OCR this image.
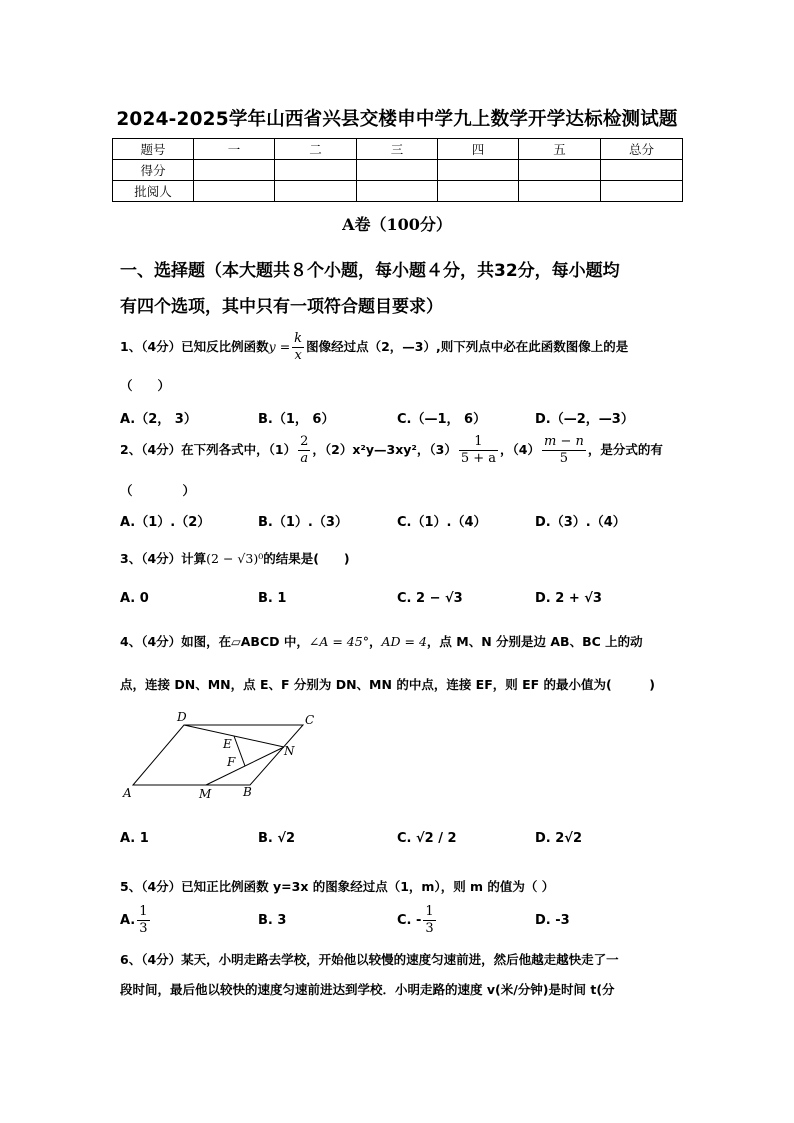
2024-2025学年山西省兴县交楼申中学九上数学开学达标检测试题
题号	一	二	三	四	五	总分
得分						
批阅人						
A卷（100分）
一、选择题（本大题共８个小题，每小题４分，共32分，每小题均
有四个选项，其中只有一项符合题目要求）
1、（4分）已知反比例函数$y = \frac{k}{x}$ 图像经过点（2，—3）,则下列点中必在此函数图像上的是
（　　）
A.（2， 3）	B.（1， 6）	C.（—1， 6）	D.（—2，—3）
2、（4分）在下列各式中，$(1) \frac{2}{a}$ ，（2）x²y—3xy²，$(3) \frac{1}{5 + a}$ ，$(4) \frac{m - n}{5}$ ，是分式的有
（　　　　）
A.（1）.（2）	B.（1）.（3）	C.（1）.（4）	D.（3）.（4）
3、（4分）计算(2 − √3)⁰的结果是(　　)
A. 0	B. 1	C. 2 − √3	D. 2 + √3
4、（4分）如图，在▱ABCD 中，∠A = 45°，AD = 4，点 M、N 分别是边 AB、BC 上的动
点，连接 DN、MN，点 E、F 分别为 DN、MN 的中点，连接 EF，则 EF 的最小值为(　　　)
A	B
C
D
E
F
M
N
A. 1	B. √2	C. √2 / 2	D. 2√2
5、（4分）已知正比例函数 y=3x 的图象经过点（1，m），则 m 的值为（ ）
A. $\frac{1}{3}$	B. 3	C. - $\frac{1}{3}$	D. -3
6、（4分）某天，小明走路去学校，开始他以较慢的速度匀速前进，然后他越走越快走了一
段时间，最后他以较快的速度匀速前进达到学校．小明走路的速度 v(米/分钟)是时间 t(分
